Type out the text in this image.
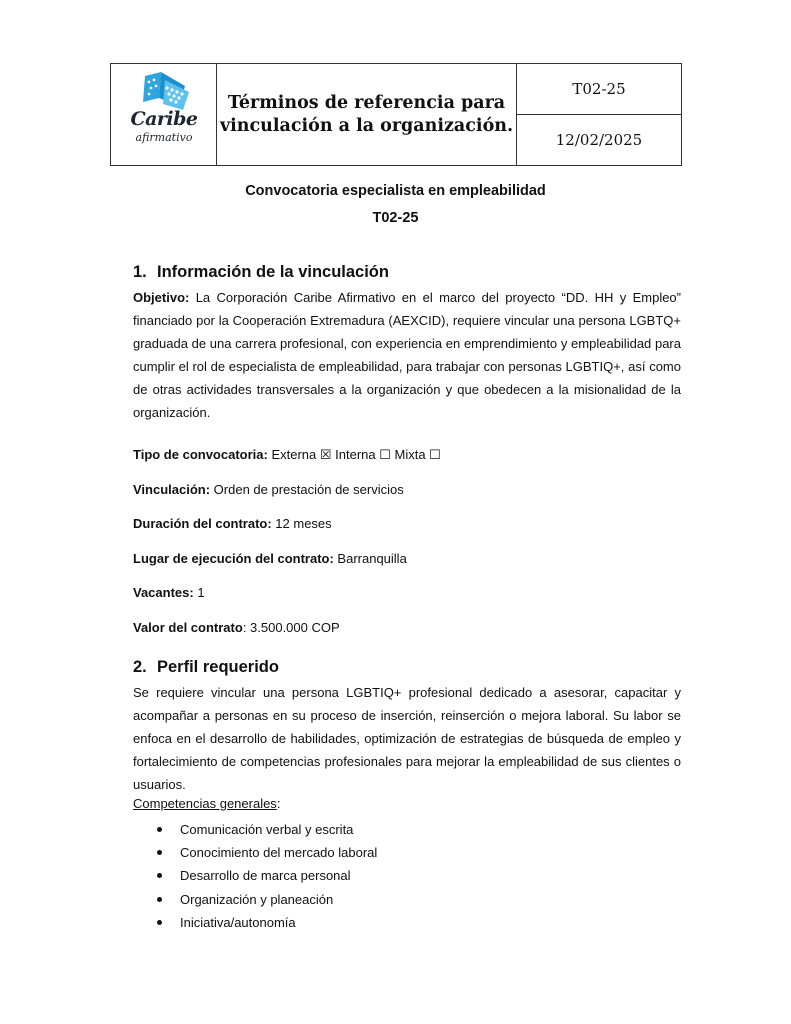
Caribe
afirmativo
Términos de referencia para
vinculación a la organización.
T02-25
12/02/2025
Convocatoria especialista en empleabilidad
T02-25
1. Información de la vinculación
Objetivo: La Corporación Caribe Afirmativo en el marco del proyecto “DD. HH y Empleo” financiado por la Cooperación Extremadura (AEXCID), requiere vincular una persona LGBTQ+ graduada de una carrera profesional, con experiencia en emprendimiento y empleabilidad para cumplir el rol de especialista de empleabilidad, para trabajar con personas LGBTIQ+, así como de otras actividades transversales a la organización y que obedecen a la misionalidad de la organización.
Tipo de convocatoria: Externa ☒ Interna ☐ Mixta ☐
Vinculación: Orden de prestación de servicios
Duración del contrato: 12 meses
Lugar de ejecución del contrato: Barranquilla
Vacantes: 1
Valor del contrato: 3.500.000 COP
2. Perfil requerido
Se requiere vincular una persona LGBTIQ+ profesional dedicado a asesorar, capacitar y acompañar a personas en su proceso de inserción, reinserción o mejora laboral. Su labor se enfoca en el desarrollo de habilidades, optimización de estrategias de búsqueda de empleo y fortalecimiento de competencias profesionales para mejorar la empleabilidad de sus clientes o usuarios.
Competencias generales:
Comunicación verbal y escrita
Conocimiento del mercado laboral
Desarrollo de marca personal
Organización y planeación
Iniciativa/autonomía
